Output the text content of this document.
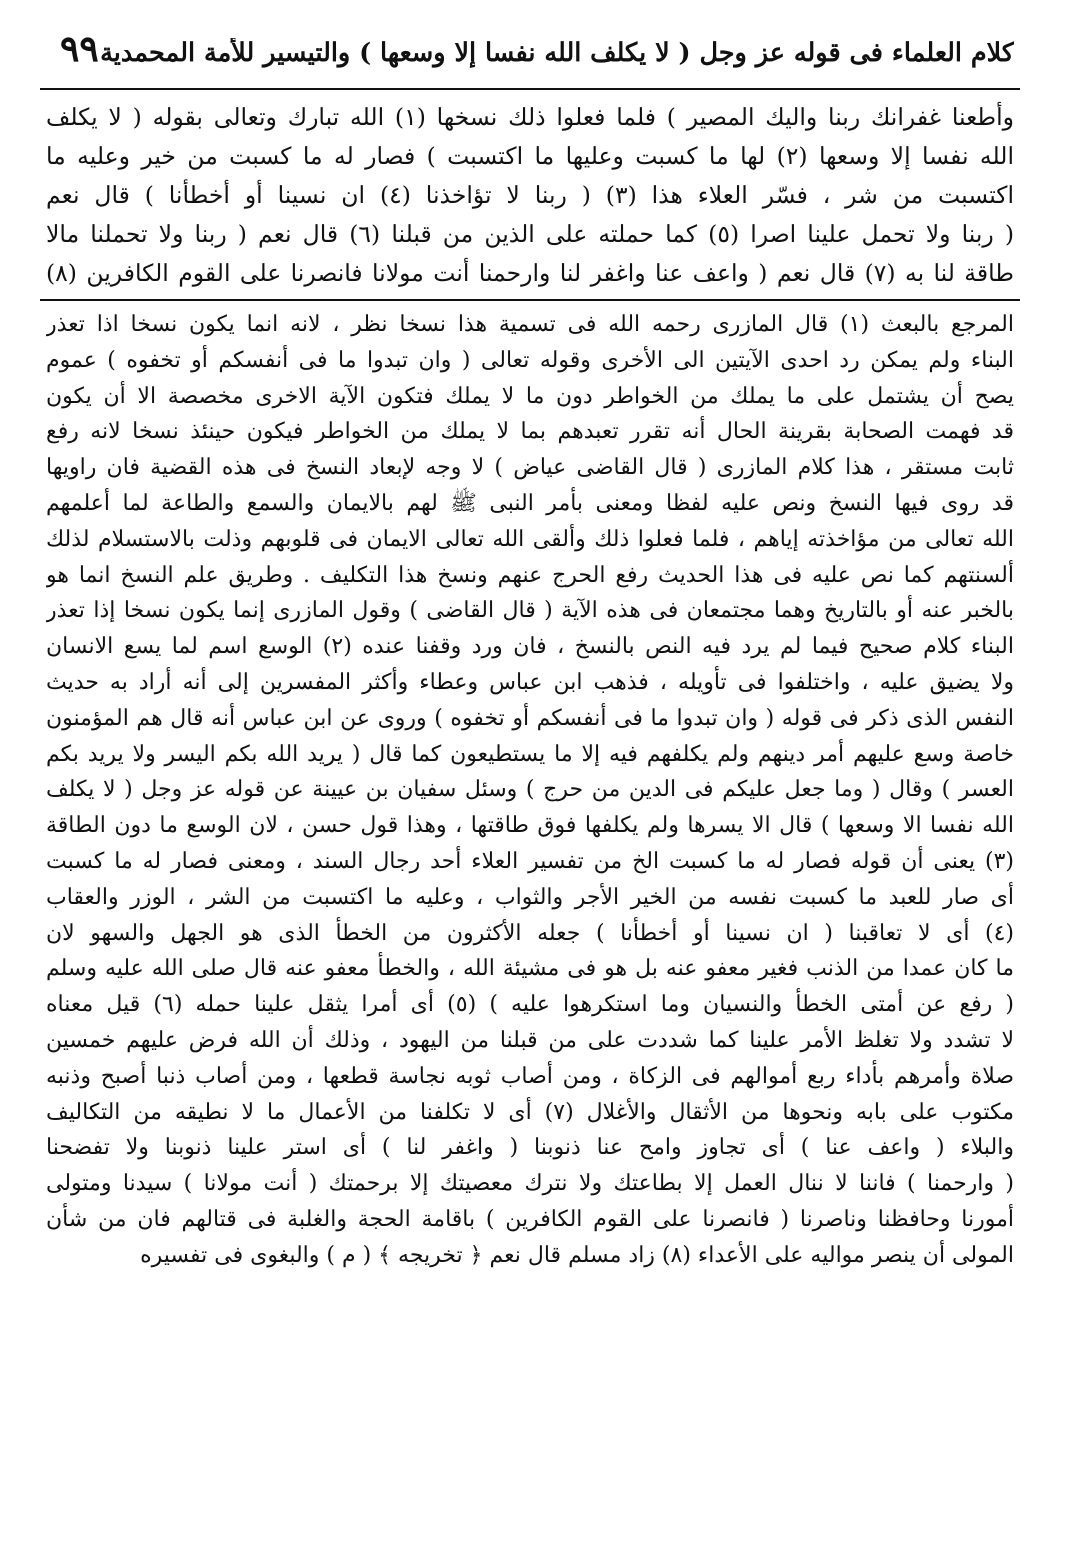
كلام العلماء فى قوله عز وجل ( لا يكلف الله نفسا إلا وسعها ) والتيسير للأمة المحمدية
٩٩
وأطعنا غفرانك ربنا واليك المصير ) فلما فعلوا ذلك نسخها (١) الله تبارك وتعالى بقوله ( لا يكلف
الله نفسا إلا وسعها (٢) لها ما كسبت وعليها ما اكتسبت ) فصار له ما كسبت من خير وعليه ما
اكتسبت من شر ، فسّر العلاء هذا (٣) ( ربنا لا تؤاخذنا (٤) ان نسينا أو أخطأنا ) قال نعم
( ربنا ولا تحمل علينا اصرا (٥) كما حملته على الذين من قبلنا (٦) قال نعم ( ربنا ولا تحملنا مالا
طاقة لنا به (٧) قال نعم ( واعف عنا واغفر لنا وارحمنا أنت مولانا فانصرنا على القوم الكافرين (٨)
المرجع بالبعث (١) قال المازرى رحمه الله فى تسمية هذا نسخا نظر ، لانه انما يكون نسخا اذا تعذر
البناء ولم يمكن رد احدى الآيتين الى الأخرى وقوله تعالى ( وان تبدوا ما فى أنفسكم أو تخفوه ) عموم
يصح أن يشتمل على ما يملك من الخواطر دون ما لا يملك فتكون الآية الاخرى مخصصة الا أن يكون
قد فهمت الصحابة بقرينة الحال أنه تقرر تعبدهم بما لا يملك من الخواطر فيكون حينئذ نسخا لانه رفع
ثابت مستقر ، هذا كلام المازرى ( قال القاضى عياض ) لا وجه لإبعاد النسخ فى هذه القضية فان راويها
قد روى فيها النسخ ونص عليه لفظا ومعنى بأمر النبى ﷺ لهم بالايمان والسمع والطاعة لما أعلمهم
الله تعالى من مؤاخذته إياهم ، فلما فعلوا ذلك وألقى الله تعالى الايمان فى قلوبهم وذلت بالاستسلام لذلك
ألسنتهم كما نص عليه فى هذا الحديث رفع الحرج عنهم ونسخ هذا التكليف . وطريق علم النسخ انما هو
بالخبر عنه أو بالتاريخ وهما مجتمعان فى هذه الآية ( قال القاضى ) وقول المازرى إنما يكون نسخا إذا تعذر
البناء كلام صحيح فيما لم يرد فيه النص بالنسخ ، فان ورد وقفنا عنده (٢) الوسع اسم لما يسع الانسان
ولا يضيق عليه ، واختلفوا فى تأويله ، فذهب ابن عباس وعطاء وأكثر المفسرين إلى أنه أراد به حديث
النفس الذى ذكر فى قوله ( وان تبدوا ما فى أنفسكم أو تخفوه ) وروى عن ابن عباس أنه قال هم المؤمنون
خاصة وسع عليهم أمر دينهم ولم يكلفهم فيه إلا ما يستطيعون كما قال ( يريد الله بكم اليسر ولا يريد بكم
العسر ) وقال ( وما جعل عليكم فى الدين من حرج ) وسئل سفيان بن عيينة عن قوله عز وجل ( لا يكلف
الله نفسا الا وسعها ) قال الا يسرها ولم يكلفها فوق طاقتها ، وهذا قول حسن ، لان الوسع ما دون الطاقة
(٣) يعنى أن قوله فصار له ما كسبت الخ من تفسير العلاء أحد رجال السند ، ومعنى فصار له ما كسبت
أى صار للعبد ما كسبت نفسه من الخير الأجر والثواب ، وعليه ما اكتسبت من الشر ، الوزر والعقاب
(٤) أى لا تعاقبنا ( ان نسينا أو أخطأنا ) جعله الأكثرون من الخطأ الذى هو الجهل والسهو لان
ما كان عمدا من الذنب فغير معفو عنه بل هو فى مشيئة الله ، والخطأ معفو عنه قال صلى الله عليه وسلم
( رفع عن أمتى الخطأ والنسيان وما استكرهوا عليه ) (٥) أى أمرا يثقل علينا حمله (٦) قيل معناه
لا تشدد ولا تغلظ الأمر علينا كما شددت على من قبلنا من اليهود ، وذلك أن الله فرض عليهم خمسين
صلاة وأمرهم بأداء ربع أموالهم فى الزكاة ، ومن أصاب ثوبه نجاسة قطعها ، ومن أصاب ذنبا أصبح وذنبه
مكتوب على بابه ونحوها من الأثقال والأغلال (٧) أى لا تكلفنا من الأعمال ما لا نطيقه من التكاليف
والبلاء ( واعف عنا ) أى تجاوز وامح عنا ذنوبنا ( واغفر لنا ) أى استر علينا ذنوبنا ولا تفضحنا
( وارحمنا ) فاننا لا ننال العمل إلا بطاعتك ولا نترك معصيتك إلا برحمتك ( أنت مولانا ) سيدنا ومتولى
أمورنا وحافظنا وناصرنا ( فانصرنا على القوم الكافرين ) باقامة الحجة والغلبة فى قتالهم فان من شأن
المولى أن ينصر مواليه على الأعداء (٨) زاد مسلم قال نعم ﴿ تخريجه ﴾ ( م ) والبغوى فى تفسيره
